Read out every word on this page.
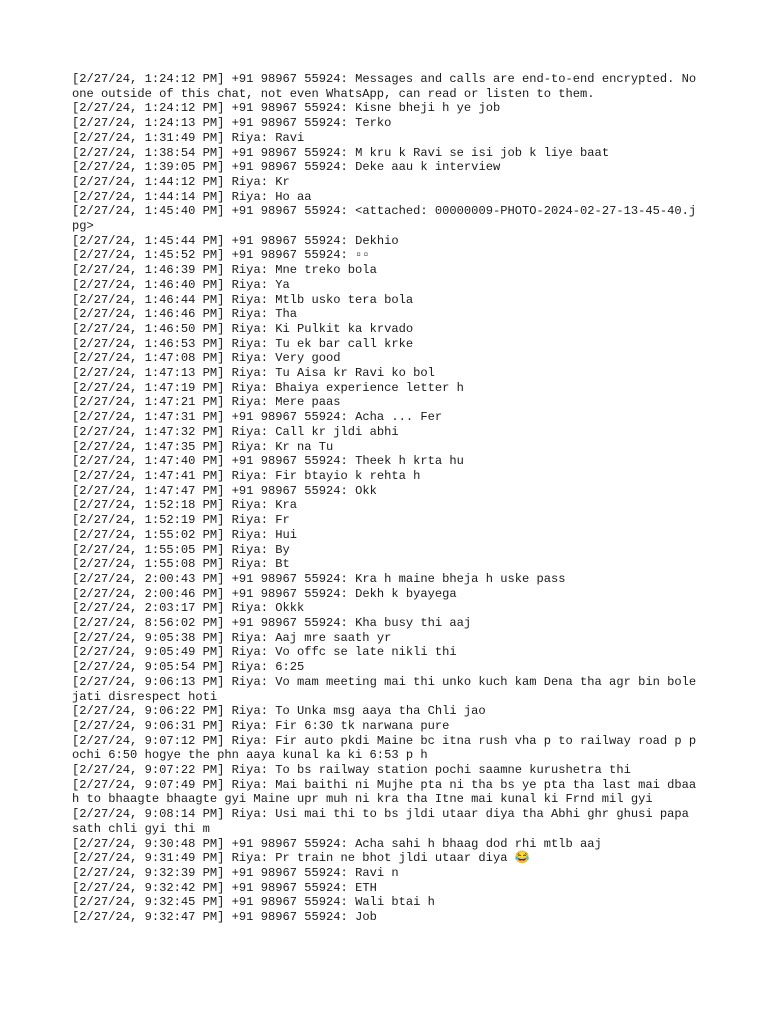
[2/27/24, 1:24:12 PM] +91 98967 55924: Messages and calls are end-to-end encrypted. No one outside of this chat, not even WhatsApp, can read or listen to them.
[2/27/24, 1:24:12 PM] +91 98967 55924: Kisne bheji h ye job
[2/27/24, 1:24:13 PM] +91 98967 55924: Terko
[2/27/24, 1:31:49 PM] Riya: Ravi
[2/27/24, 1:38:54 PM] +91 98967 55924: M kru k Ravi se isi job k liye baat
[2/27/24, 1:39:05 PM] +91 98967 55924: Deke aau k interview
[2/27/24, 1:44:12 PM] Riya: Kr
[2/27/24, 1:44:14 PM] Riya: Ho aa
[2/27/24, 1:45:40 PM] +91 98967 55924: <attached: 00000009-PHOTO-2024-02-27-13-45-40.jpg>
[2/27/24, 1:45:44 PM] +91 98967 55924: Dekhio
[2/27/24, 1:45:52 PM] +91 98967 55924: ▫▫
[2/27/24, 1:46:39 PM] Riya: Mne treko bola
[2/27/24, 1:46:40 PM] Riya: Ya
[2/27/24, 1:46:44 PM] Riya: Mtlb usko tera bola
[2/27/24, 1:46:46 PM] Riya: Tha
[2/27/24, 1:46:50 PM] Riya: Ki Pulkit ka krvado
[2/27/24, 1:46:53 PM] Riya: Tu ek bar call krke
[2/27/24, 1:47:08 PM] Riya: Very good
[2/27/24, 1:47:13 PM] Riya: Tu Aisa kr Ravi ko bol
[2/27/24, 1:47:19 PM] Riya: Bhaiya experience letter h
[2/27/24, 1:47:21 PM] Riya: Mere paas
[2/27/24, 1:47:31 PM] +91 98967 55924: Acha ... Fer
[2/27/24, 1:47:32 PM] Riya: Call kr jldi abhi
[2/27/24, 1:47:35 PM] Riya: Kr na Tu
[2/27/24, 1:47:40 PM] +91 98967 55924: Theek h krta hu
[2/27/24, 1:47:41 PM] Riya: Fir btayio k rehta h
[2/27/24, 1:47:47 PM] +91 98967 55924: Okk
[2/27/24, 1:52:18 PM] Riya: Kra
[2/27/24, 1:52:19 PM] Riya: Fr
[2/27/24, 1:55:02 PM] Riya: Hui
[2/27/24, 1:55:05 PM] Riya: By
[2/27/24, 1:55:08 PM] Riya: Bt
[2/27/24, 2:00:43 PM] +91 98967 55924: Kra h maine bheja h uske pass
[2/27/24, 2:00:46 PM] +91 98967 55924: Dekh k byayega
[2/27/24, 2:03:17 PM] Riya: Okkk
[2/27/24, 8:56:02 PM] +91 98967 55924: Kha busy thi aaj
[2/27/24, 9:05:38 PM] Riya: Aaj mre saath yr
[2/27/24, 9:05:49 PM] Riya: Vo offc se late nikli thi
[2/27/24, 9:05:54 PM] Riya: 6:25
[2/27/24, 9:06:13 PM] Riya: Vo mam meeting mai thi unko kuch kam Dena tha agr bin bole jati disrespect hoti
[2/27/24, 9:06:22 PM] Riya: To Unka msg aaya tha Chli jao
[2/27/24, 9:06:31 PM] Riya: Fir 6:30 tk narwana pure
[2/27/24, 9:07:12 PM] Riya: Fir auto pkdi Maine bc itna rush vha p to railway road p pochi 6:50 hogye the phn aaya kunal ka ki 6:53 p h
[2/27/24, 9:07:22 PM] Riya: To bs railway station pochi saamne kurushetra thi
[2/27/24, 9:07:49 PM] Riya: Mai baithi ni Mujhe pta ni tha bs ye pta tha last mai dbaa h to bhaagte bhaagte gyi Maine upr muh ni kra tha Itne mai kunal ki Frnd mil gyi
[2/27/24, 9:08:14 PM] Riya: Usi mai thi to bs jldi utaar diya tha Abhi ghr ghusi papa sath chli gyi thi m
[2/27/24, 9:30:48 PM] +91 98967 55924: Acha sahi h bhaag dod rhi mtlb aaj
[2/27/24, 9:31:49 PM] Riya: Pr train ne bhot jldi utaar diya 😂
[2/27/24, 9:32:39 PM] +91 98967 55924: Ravi n
[2/27/24, 9:32:42 PM] +91 98967 55924: ETH
[2/27/24, 9:32:45 PM] +91 98967 55924: Wali btai h
[2/27/24, 9:32:47 PM] +91 98967 55924: Job
